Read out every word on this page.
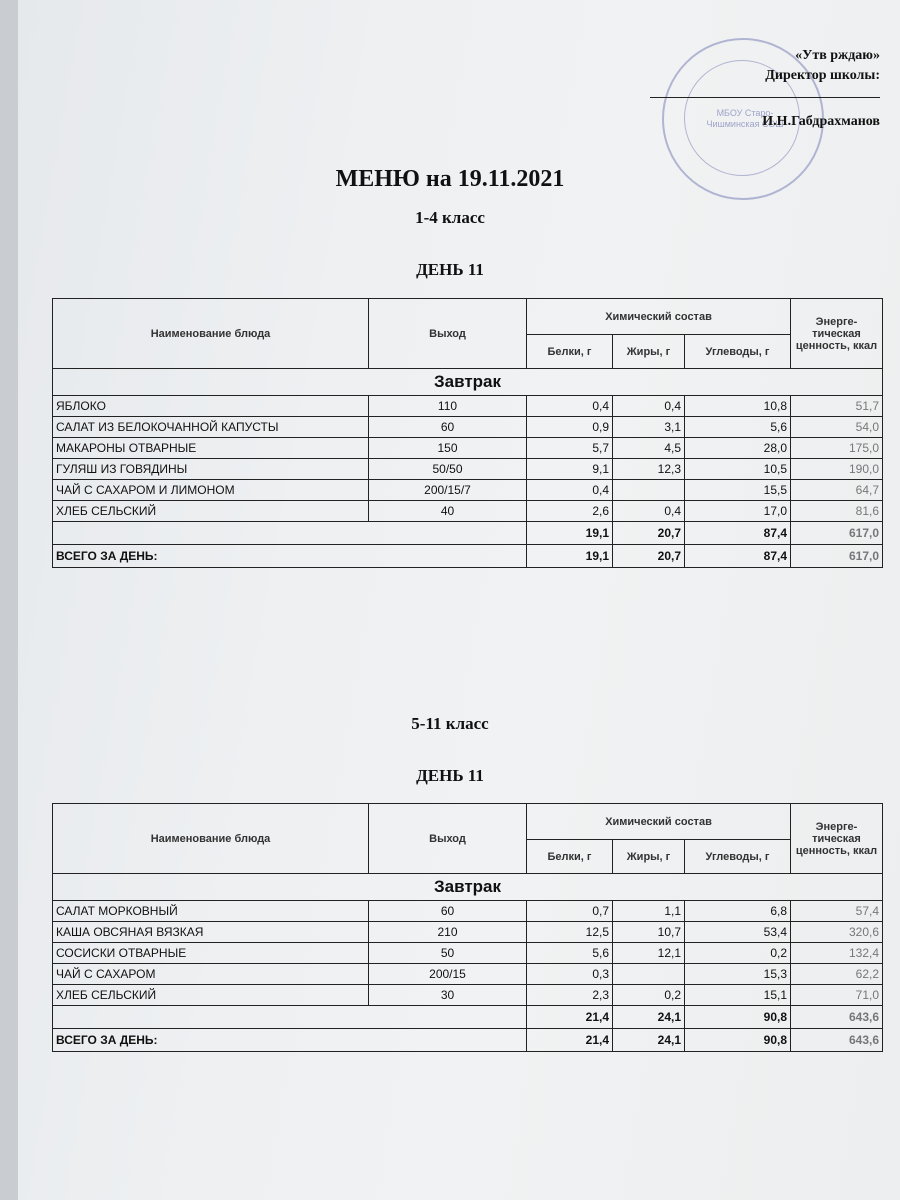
МБОУ Старо-Чишминская СОШ
«Утв рждаю»
Директор школы:
И.Н.Габдрахманов
МЕНЮ на 19.11.2021
1-4 класс
ДЕНЬ 11
5-11 класс
ДЕНЬ 11
Наименование блюда	Выход	Химический состав			Энерге-тическая ценность, ккал
		Белки, г	Жиры, г	Углеводы, г	
Завтрак					
ЯБЛОКО	110	0,4	0,4	10,8	51,7
САЛАТ ИЗ БЕЛОКОЧАННОЙ КАПУСТЫ	60	0,9	3,1	5,6	54,0
МАКАРОНЫ ОТВАРНЫЕ	150	5,7	4,5	28,0	175,0
ГУЛЯШ ИЗ ГОВЯДИНЫ	50/50	9,1	12,3	10,5	190,0
ЧАЙ С САХАРОМ И ЛИМОНОМ	200/15/7	0,4		15,5	64,7
ХЛЕБ СЕЛЬСКИЙ	40	2,6	0,4	17,0	81,6
		19,1	20,7	87,4	617,0
ВСЕГО ЗА ДЕНЬ:		19,1	20,7	87,4	617,0
Наименование блюда	Выход	Химический состав			Энерге-тическая ценность, ккал
		Белки, г	Жиры, г	Углеводы, г	
Завтрак					
САЛАТ МОРКОВНЫЙ	60	0,7	1,1	6,8	57,4
КАША ОВСЯНАЯ ВЯЗКАЯ	210	12,5	10,7	53,4	320,6
СОСИСКИ ОТВАРНЫЕ	50	5,6	12,1	0,2	132,4
ЧАЙ С САХАРОМ	200/15	0,3		15,3	62,2
ХЛЕБ СЕЛЬСКИЙ	30	2,3	0,2	15,1	71,0
		21,4	24,1	90,8	643,6
ВСЕГО ЗА ДЕНЬ:		21,4	24,1	90,8	643,6
